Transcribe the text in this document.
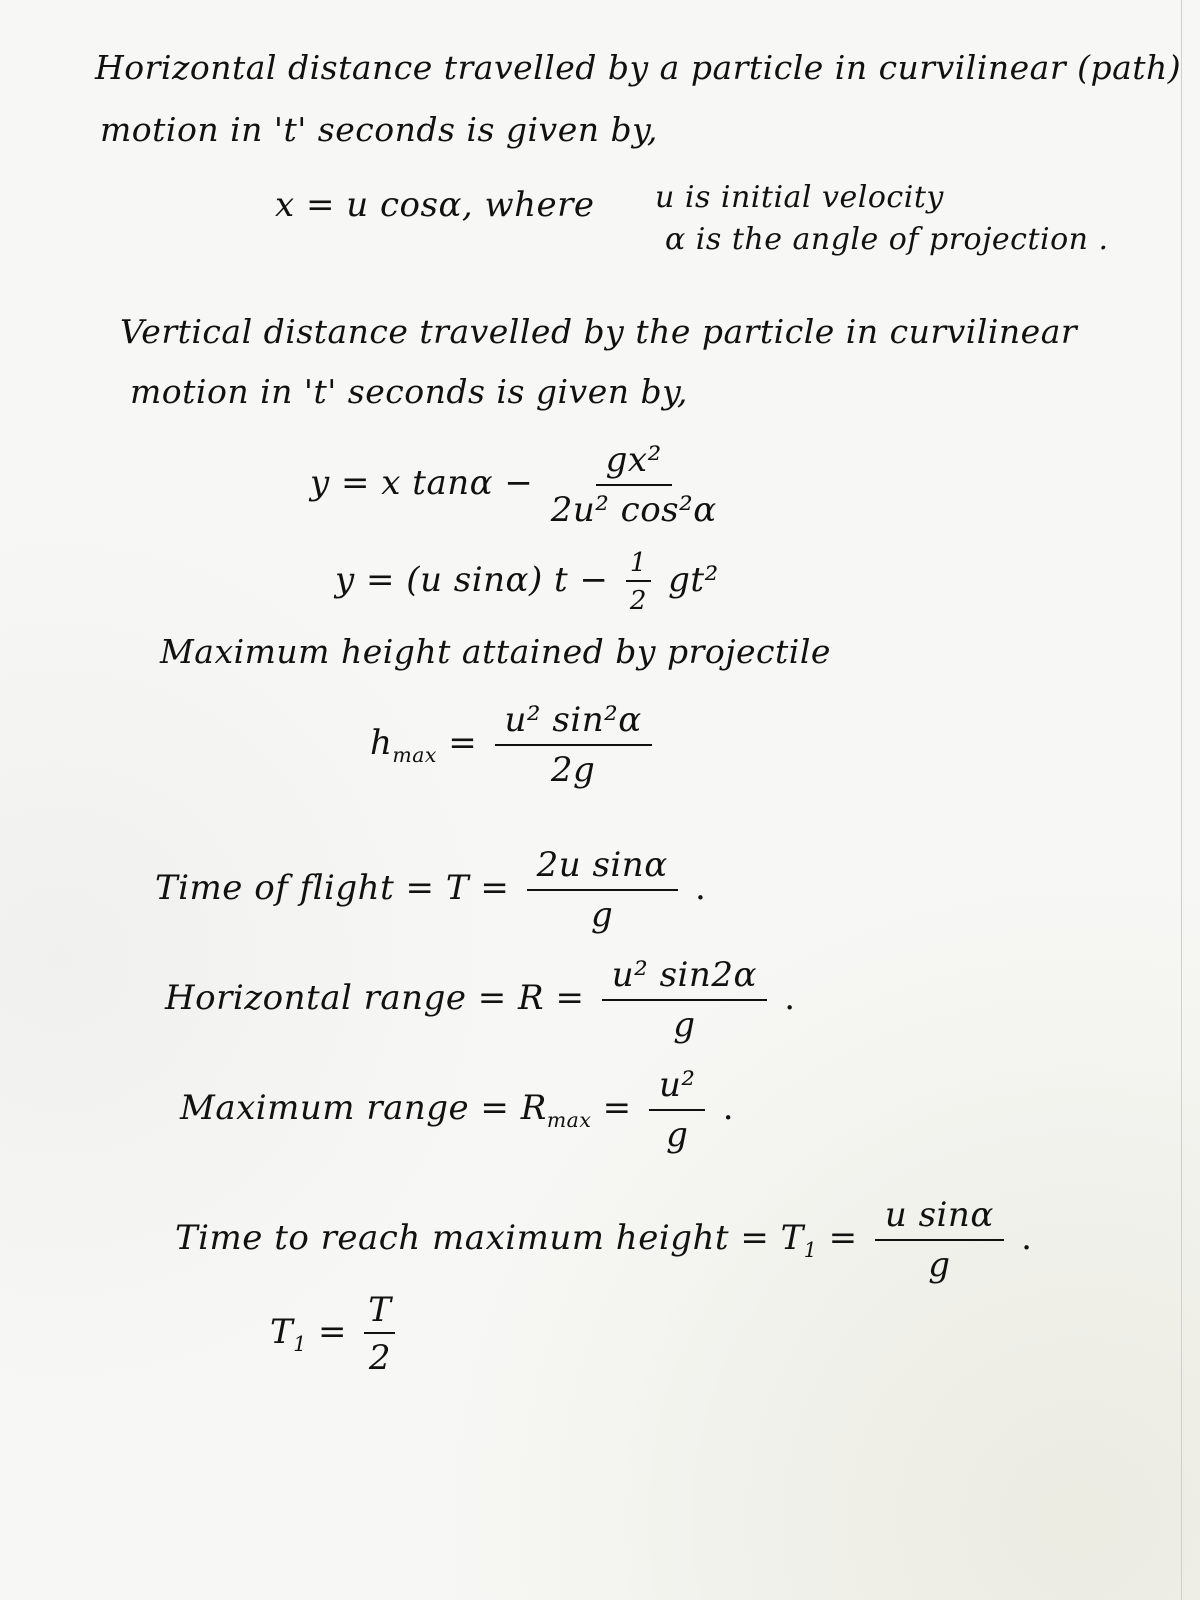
Horizontal distance travelled by a particle in curvilinear (path)
motion in 't' seconds is given by,
x = u cosα, where u is initial velocity
α is the angle of projection .
Vertical distance travelled by the particle in curvilinear
motion in 't' seconds is given by,
y = x $\tan\alpha - \frac{\text{gx²}}{\text{2u² cos²α}}$
y = (u sinα) $t - \frac{1}{2} gt^2$
Maximum height attained by projectile
$h_{max} = \frac{\text{u² sin²α}}{2g}$
Time of flight = $T = \frac{\text{2u sinα}}{g}$ .
Horizontal range = $R = \frac{\text{u² sin2α}}{g}$ .
Maximum range = $R_{max} = \frac{\text{u²}}{g}$ .
Time to reach maximum height = $T_1 = \frac{\text{u sinα}}{g}$ .
$T_1 = \frac{T}{2}$
